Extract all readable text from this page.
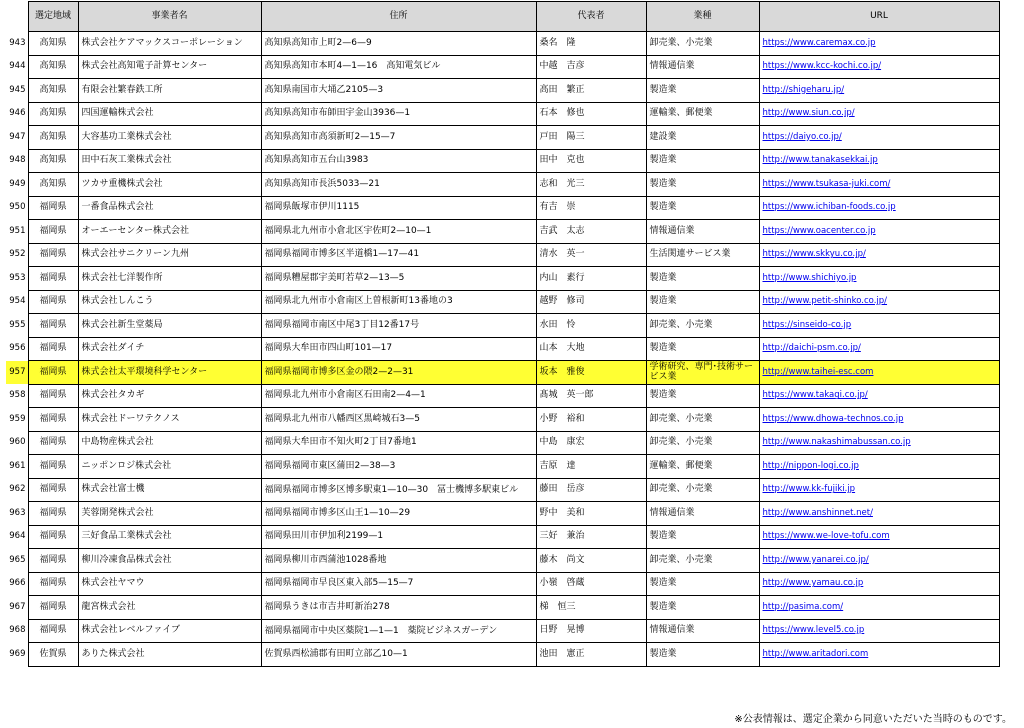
	選定地域	事業者名	住所	代表者	業種	URL
943	高知県	株式会社ケアマックスコーポレーション	高知県高知市上町2—6—9	桑名　隆	卸売業、小売業	https://www.caremax.co.jp
944	高知県	株式会社高知電子計算センター	高知県高知市本町4—1—16　高知電気ビル	中越　吉彦	情報通信業	https://www.kcc-kochi.co.jp/
945	高知県	有限会社繁春鉄工所	高知県南国市大埇乙2105—3	高田　繁正	製造業	http://shigeharu.jp/
946	高知県	四国運輸株式会社	高知県高知市布師田宇金山3936—1	石本　修也	運輸業、郵便業	http://www.siun.co.jp/
947	高知県	大容基功工業株式会社	高知県高知市高須新町2—15—7	戸田　陽三	建設業	https://daiyo.co.jp/
948	高知県	田中石灰工業株式会社	高知県高知市五台山3983	田中　克也	製造業	http://www.tanakasekkai.jp
949	高知県	ツカサ重機株式会社	高知県高知市長浜5033—21	志和　光三	製造業	https://www.tsukasa-juki.com/
950	福岡県	一番食品株式会社	福岡県飯塚市伊川1115	有吉　崇	製造業	https://www.ichiban-foods.co.jp
951	福岡県	オーエーセンター株式会社	福岡県北九州市小倉北区宇佐町2—10—1	吉武　太志	情報通信業	https://www.oacenter.co.jp
952	福岡県	株式会社サニクリーン九州	福岡県福岡市博多区半道橋1—17—41	清水　英一	生活関連サービス業	https://www.skkyu.co.jp/
953	福岡県	株式会社七洋製作所	福岡県糟屋郡宇美町若草2—13—5	内山　素行	製造業	http://www.shichiyo.jp
954	福岡県	株式会社しんこう	福岡県北九州市小倉南区上曽根新町13番地の3	越野　修司	製造業	http://www.petit-shinko.co.jp/
955	福岡県	株式会社新生堂薬局	福岡県福岡市南区中尾3丁目12番17号	水田　怜	卸売業、小売業	https://sinseido-co.jp
956	福岡県	株式会社ダイチ	福岡県大牟田市四山町101—17	山本　大地	製造業	http://daichi-psm.co.jp/
957	福岡県	株式会社太平環境科学センター	福岡県福岡市博多区金の隈2—2—31	坂本　雅俊	学術研究、専門･技術サービス業	http://www.taihei-esc.com
958	福岡県	株式会社タカギ	福岡県北九州市小倉南区石田南2—4—1	髙城　英一郎	製造業	https://www.takagi.co.jp/
959	福岡県	株式会社ドーワテクノス	福岡県北九州市八幡西区黒崎城石3—5	小野　裕和	卸売業、小売業	https://www.dhowa-technos.co.jp
960	福岡県	中島物産株式会社	福岡県大牟田市不知火町2丁目7番地1	中島　康宏	卸売業、小売業	http://www.nakashimabussan.co.jp
961	福岡県	ニッポンロジ株式会社	福岡県福岡市東区蒲田2—38—3	吉原　達	運輸業、郵便業	http://nippon-logi.co.jp
962	福岡県	株式会社富士機	福岡県福岡市博多区博多駅東1—10—30　冨士機博多駅東ビル	藤田　岳彦	卸売業、小売業	http://www.kk-fujiki.jp
963	福岡県	芙蓉開発株式会社	福岡県福岡市博多区山王1—10—29	野中　美和	情報通信業	http://www.anshinnet.net/
964	福岡県	三好食品工業株式会社	福岡県田川市伊加利2199—1	三好　兼治	製造業	https://www.we-love-tofu.com
965	福岡県	柳川冷凍食品株式会社	福岡県柳川市西蒲池1028番地	藤木　尚文	卸売業、小売業	http://www.yanarei.co.jp/
966	福岡県	株式会社ヤマウ	福岡県福岡市早良区東入部5—15—7	小嶺　啓蔵	製造業	http://www.yamau.co.jp
967	福岡県	龍宮株式会社	福岡県うきは市吉井町新治278	梯　恒三	製造業	http://pasima.com/
968	福岡県	株式会社レベルファイブ	福岡県福岡市中央区薬院1—1—1　薬院ビジネスガーデン	日野　晃博	情報通信業	https://www.level5.co.jp
969	佐賀県	ありた株式会社	佐賀県西松浦郡有田町立部乙10—1	池田　憲正	製造業	http://www.aritadori.com
※公表情報は、選定企業から同意いただいた当時のものです。
